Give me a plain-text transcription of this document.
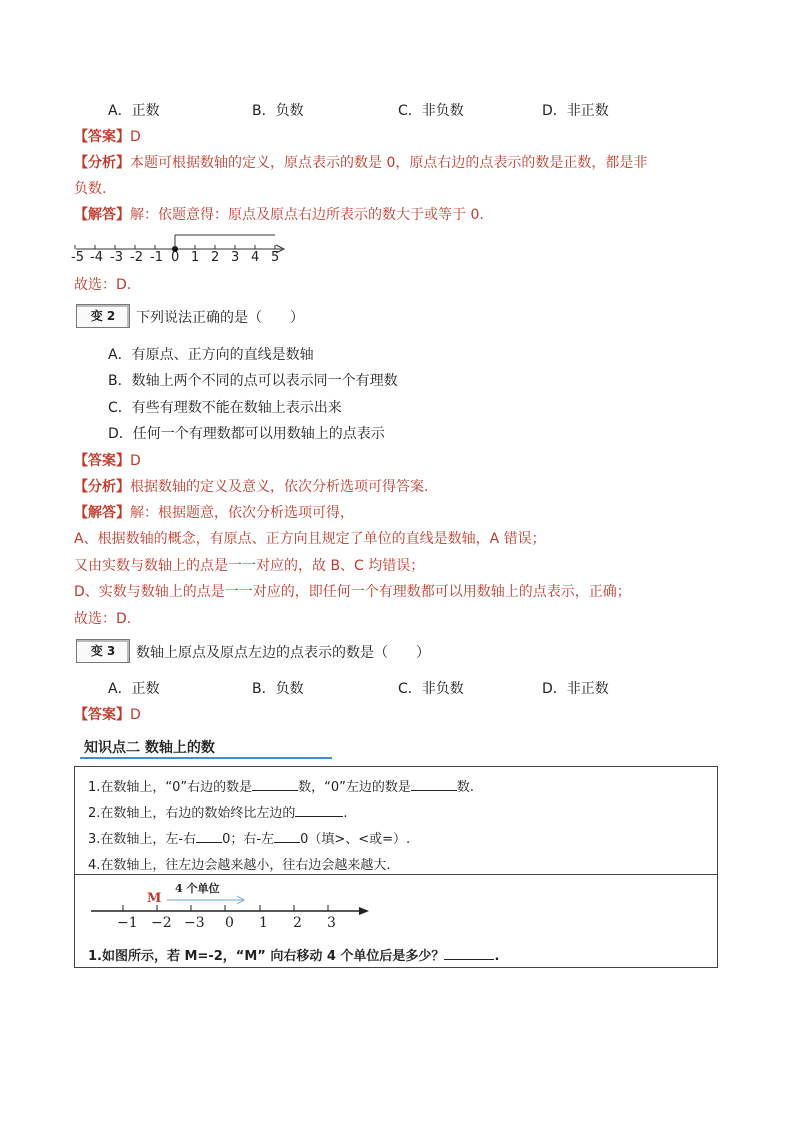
A．正数	B．负数	C．非负数	D．非正数
【答案】D
【分析】本题可根据数轴的定义，原点表示的数是 0，原点右边的点表示的数是正数，都是非
负数.
【解答】解：依题意得：原点及原点右边所表示的数大于或等于 0.
-5 -4 -3 -2 -1 0 1 2 3 4 5
故选：D.
变 2	下列说法正确的是（　　）
A．有原点、正方向的直线是数轴
B．数轴上两个不同的点可以表示同一个有理数
C．有些有理数不能在数轴上表示出来
D．任何一个有理数都可以用数轴上的点表示
【答案】D
【分析】根据数轴的定义及意义，依次分析选项可得答案.
【解答】解：根据题意，依次分析选项可得，
A、根据数轴的概念，有原点、正方向且规定了单位的直线是数轴，A 错误；
又由实数与数轴上的点是一一对应的，故 B、C 均错误；
D、实数与数轴上的点是一一对应的，即任何一个有理数都可以用数轴上的点表示，正确；
故选：D.
变 3	数轴上原点及原点左边的点表示的数是（　　）
A．正数	B．负数	C．非负数	D．非正数
【答案】D
知识点二 数轴上的数
1.在数轴上，“0”右边的数是	数，“0”左边的数是	数.
2.在数轴上，右边的数始终比左边的	.
3.在数轴上，左-右 0；右-左 0（填>、<或=）.
4.在数轴上，往左边会越来越小，往右边会越来越大.
4 个单位
M
−1 −2 −3 0 1 2 3
1.如图所示，若 M=-2，“M” 向右移动 4 个单位后是多少？	.
